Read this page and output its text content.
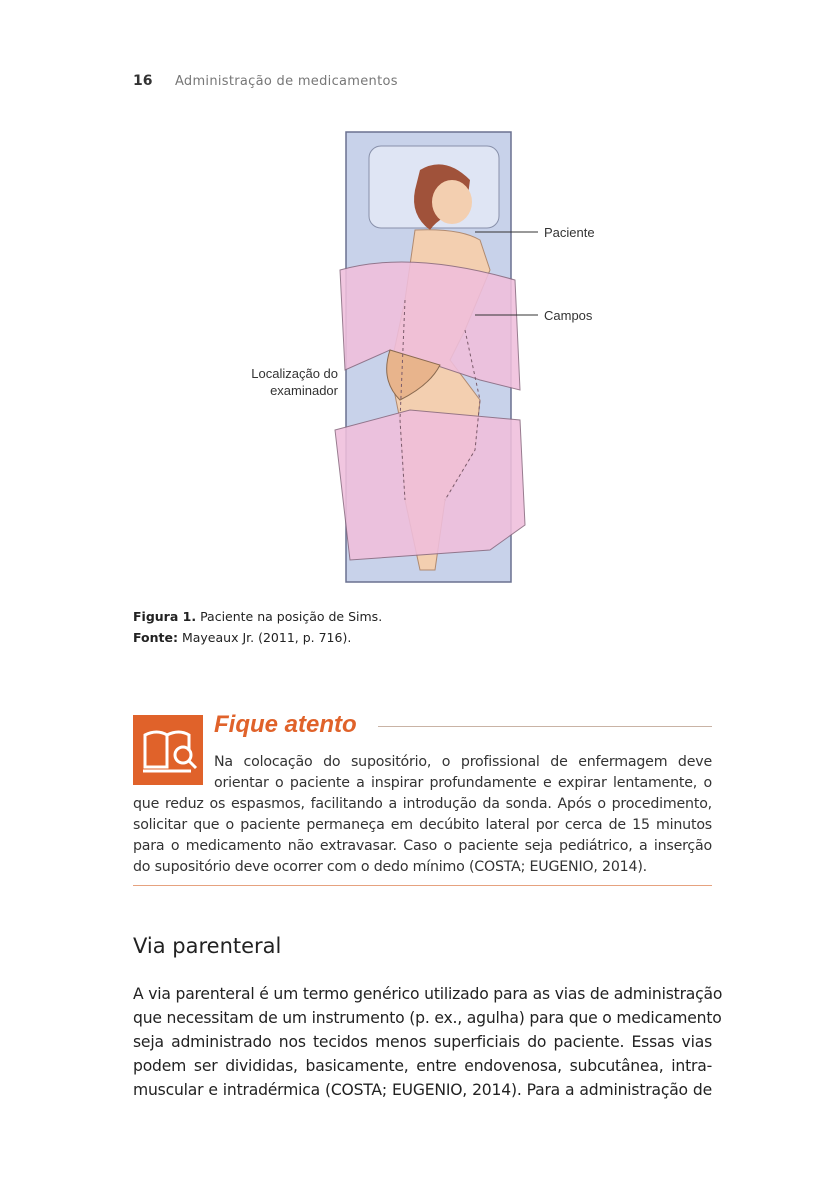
16 Administração de medicamentos
Paciente
Campos
Localização do
examinador
Figura 1. Paciente na posição de Sims.
Fonte: Mayeaux Jr. (2011, p. 716).
Fique atento
Na colocação do supositório, o profissional de enfermagem deve
orientar o paciente a inspirar profundamente e expirar lentamente, o
que reduz os espasmos, facilitando a introdução da sonda. Após o procedimento,
solicitar que o paciente permaneça em decúbito lateral por cerca de 15 minutos
para o medicamento não extravasar. Caso o paciente seja pediátrico, a inserção
do supositório deve ocorrer com o dedo mínimo (COSTA; EUGENIO, 2014).
Via parenteral
A via parenteral é um termo genérico utilizado para as vias de administração
que necessitam de um instrumento (p. ex., agulha) para que o medicamento
seja administrado nos tecidos menos superficiais do paciente. Essas vias
podem ser divididas, basicamente, entre endovenosa, subcutânea, intra-
muscular e intradérmica (COSTA; EUGENIO, 2014). Para a administração de
